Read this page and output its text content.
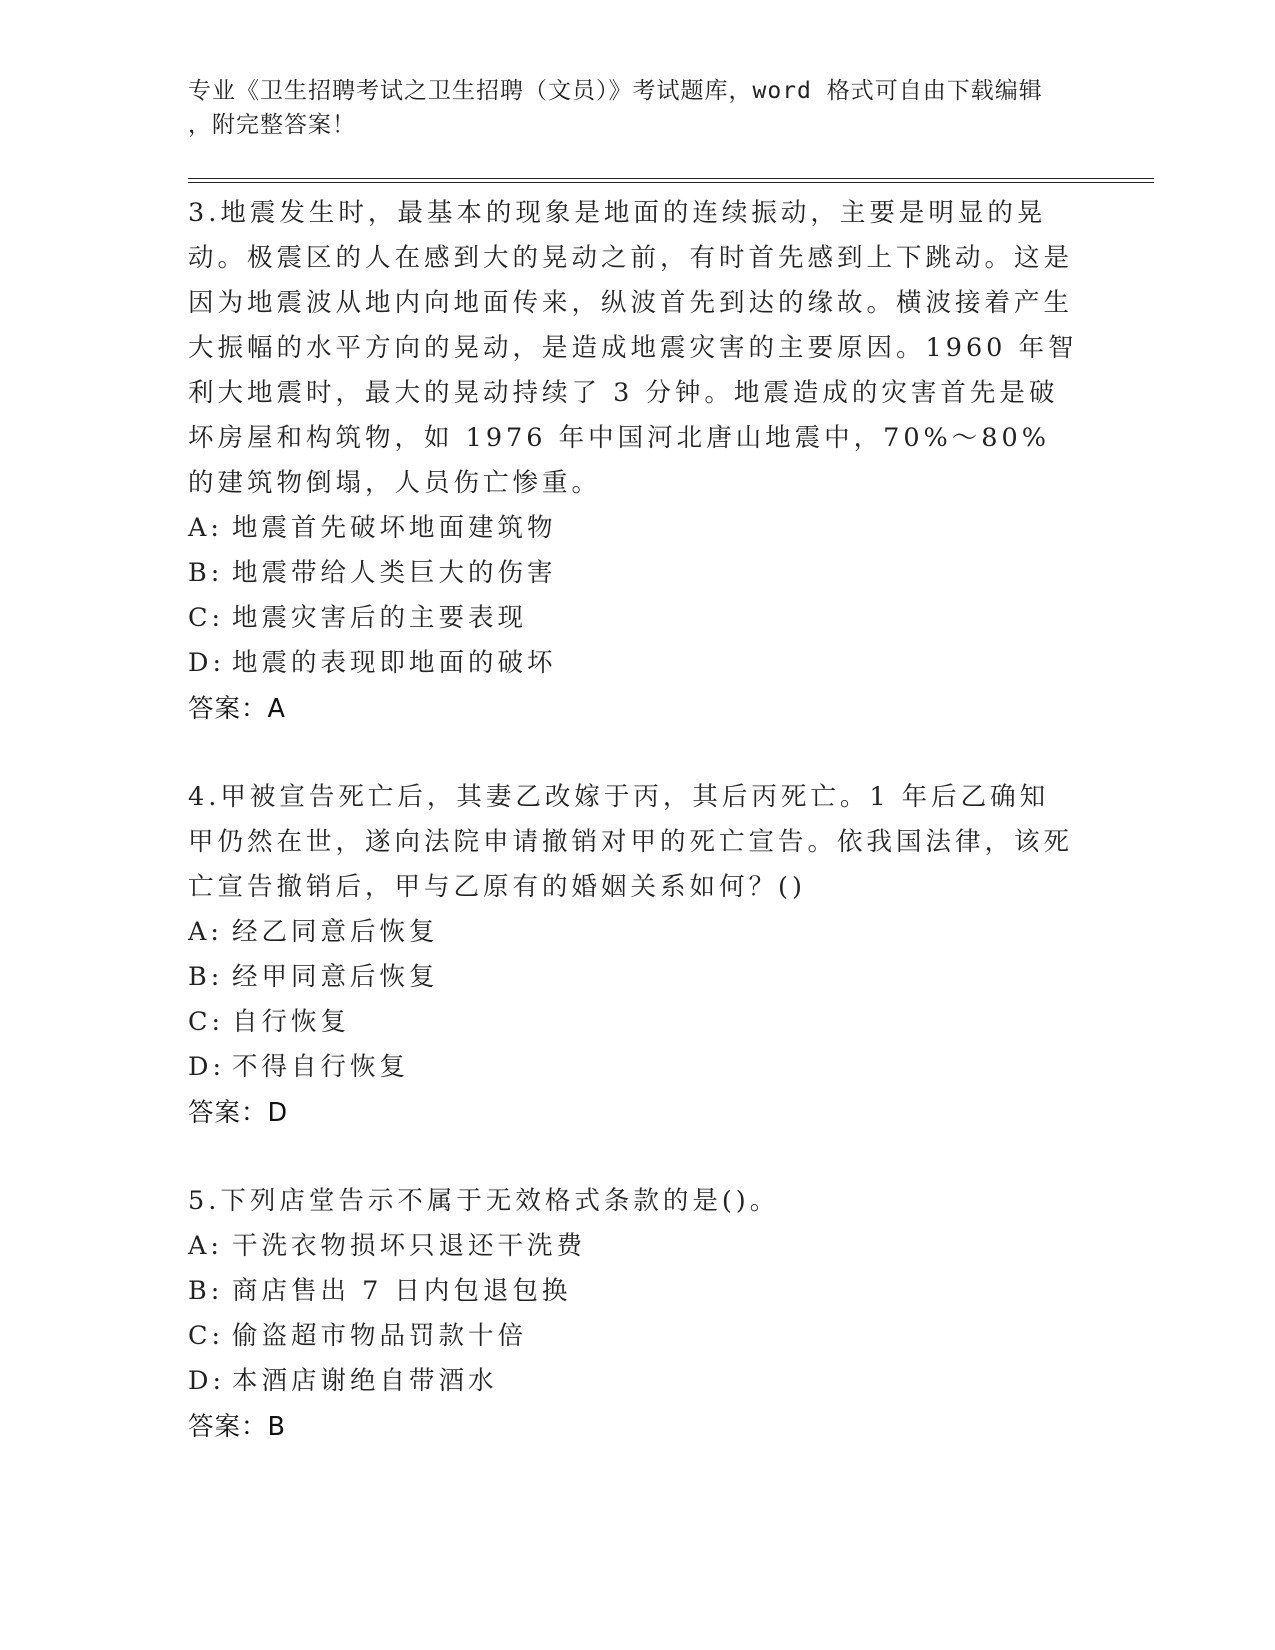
专业《卫生招聘考试之卫生招聘（文员）》考试题库，word 格式可自由下载编辑
，附完整答案！

3.地震发生时，最基本的现象是地面的连续振动，主要是明显的晃动。极震区的人在感到大的晃动之前，有时首先感到上下跳动。这是因为地震波从地内向地面传来，纵波首先到达的缘故。横波接着产生大振幅的水平方向的晃动，是造成地震灾害的主要原因。1960 年智利大地震时，最大的晃动持续了 3 分钟。地震造成的灾害首先是破坏房屋和构筑物，如 1976 年中国河北唐山地震中，70%～80%的建筑物倒塌，人员伤亡惨重。

A: 地震首先破坏地面建筑物
B: 地震带给人类巨大的伤害
C: 地震灾害后的主要表现
D: 地震的表现即地面的破坏
答案：A

4.甲被宣告死亡后，其妻乙改嫁于丙，其后丙死亡。1 年后乙确知甲仍然在世，遂向法院申请撤销对甲的死亡宣告。依我国法律，该死亡宣告撤销后，甲与乙原有的婚姻关系如何？()

A: 经乙同意后恢复
B: 经甲同意后恢复
C: 自行恢复
D: 不得自行恢复
答案：D

5.下列店堂告示不属于无效格式条款的是()。

A: 干洗衣物损坏只退还干洗费
B: 商店售出 7 日内包退包换
C: 偷盗超市物品罚款十倍
D: 本酒店谢绝自带酒水
答案：B
